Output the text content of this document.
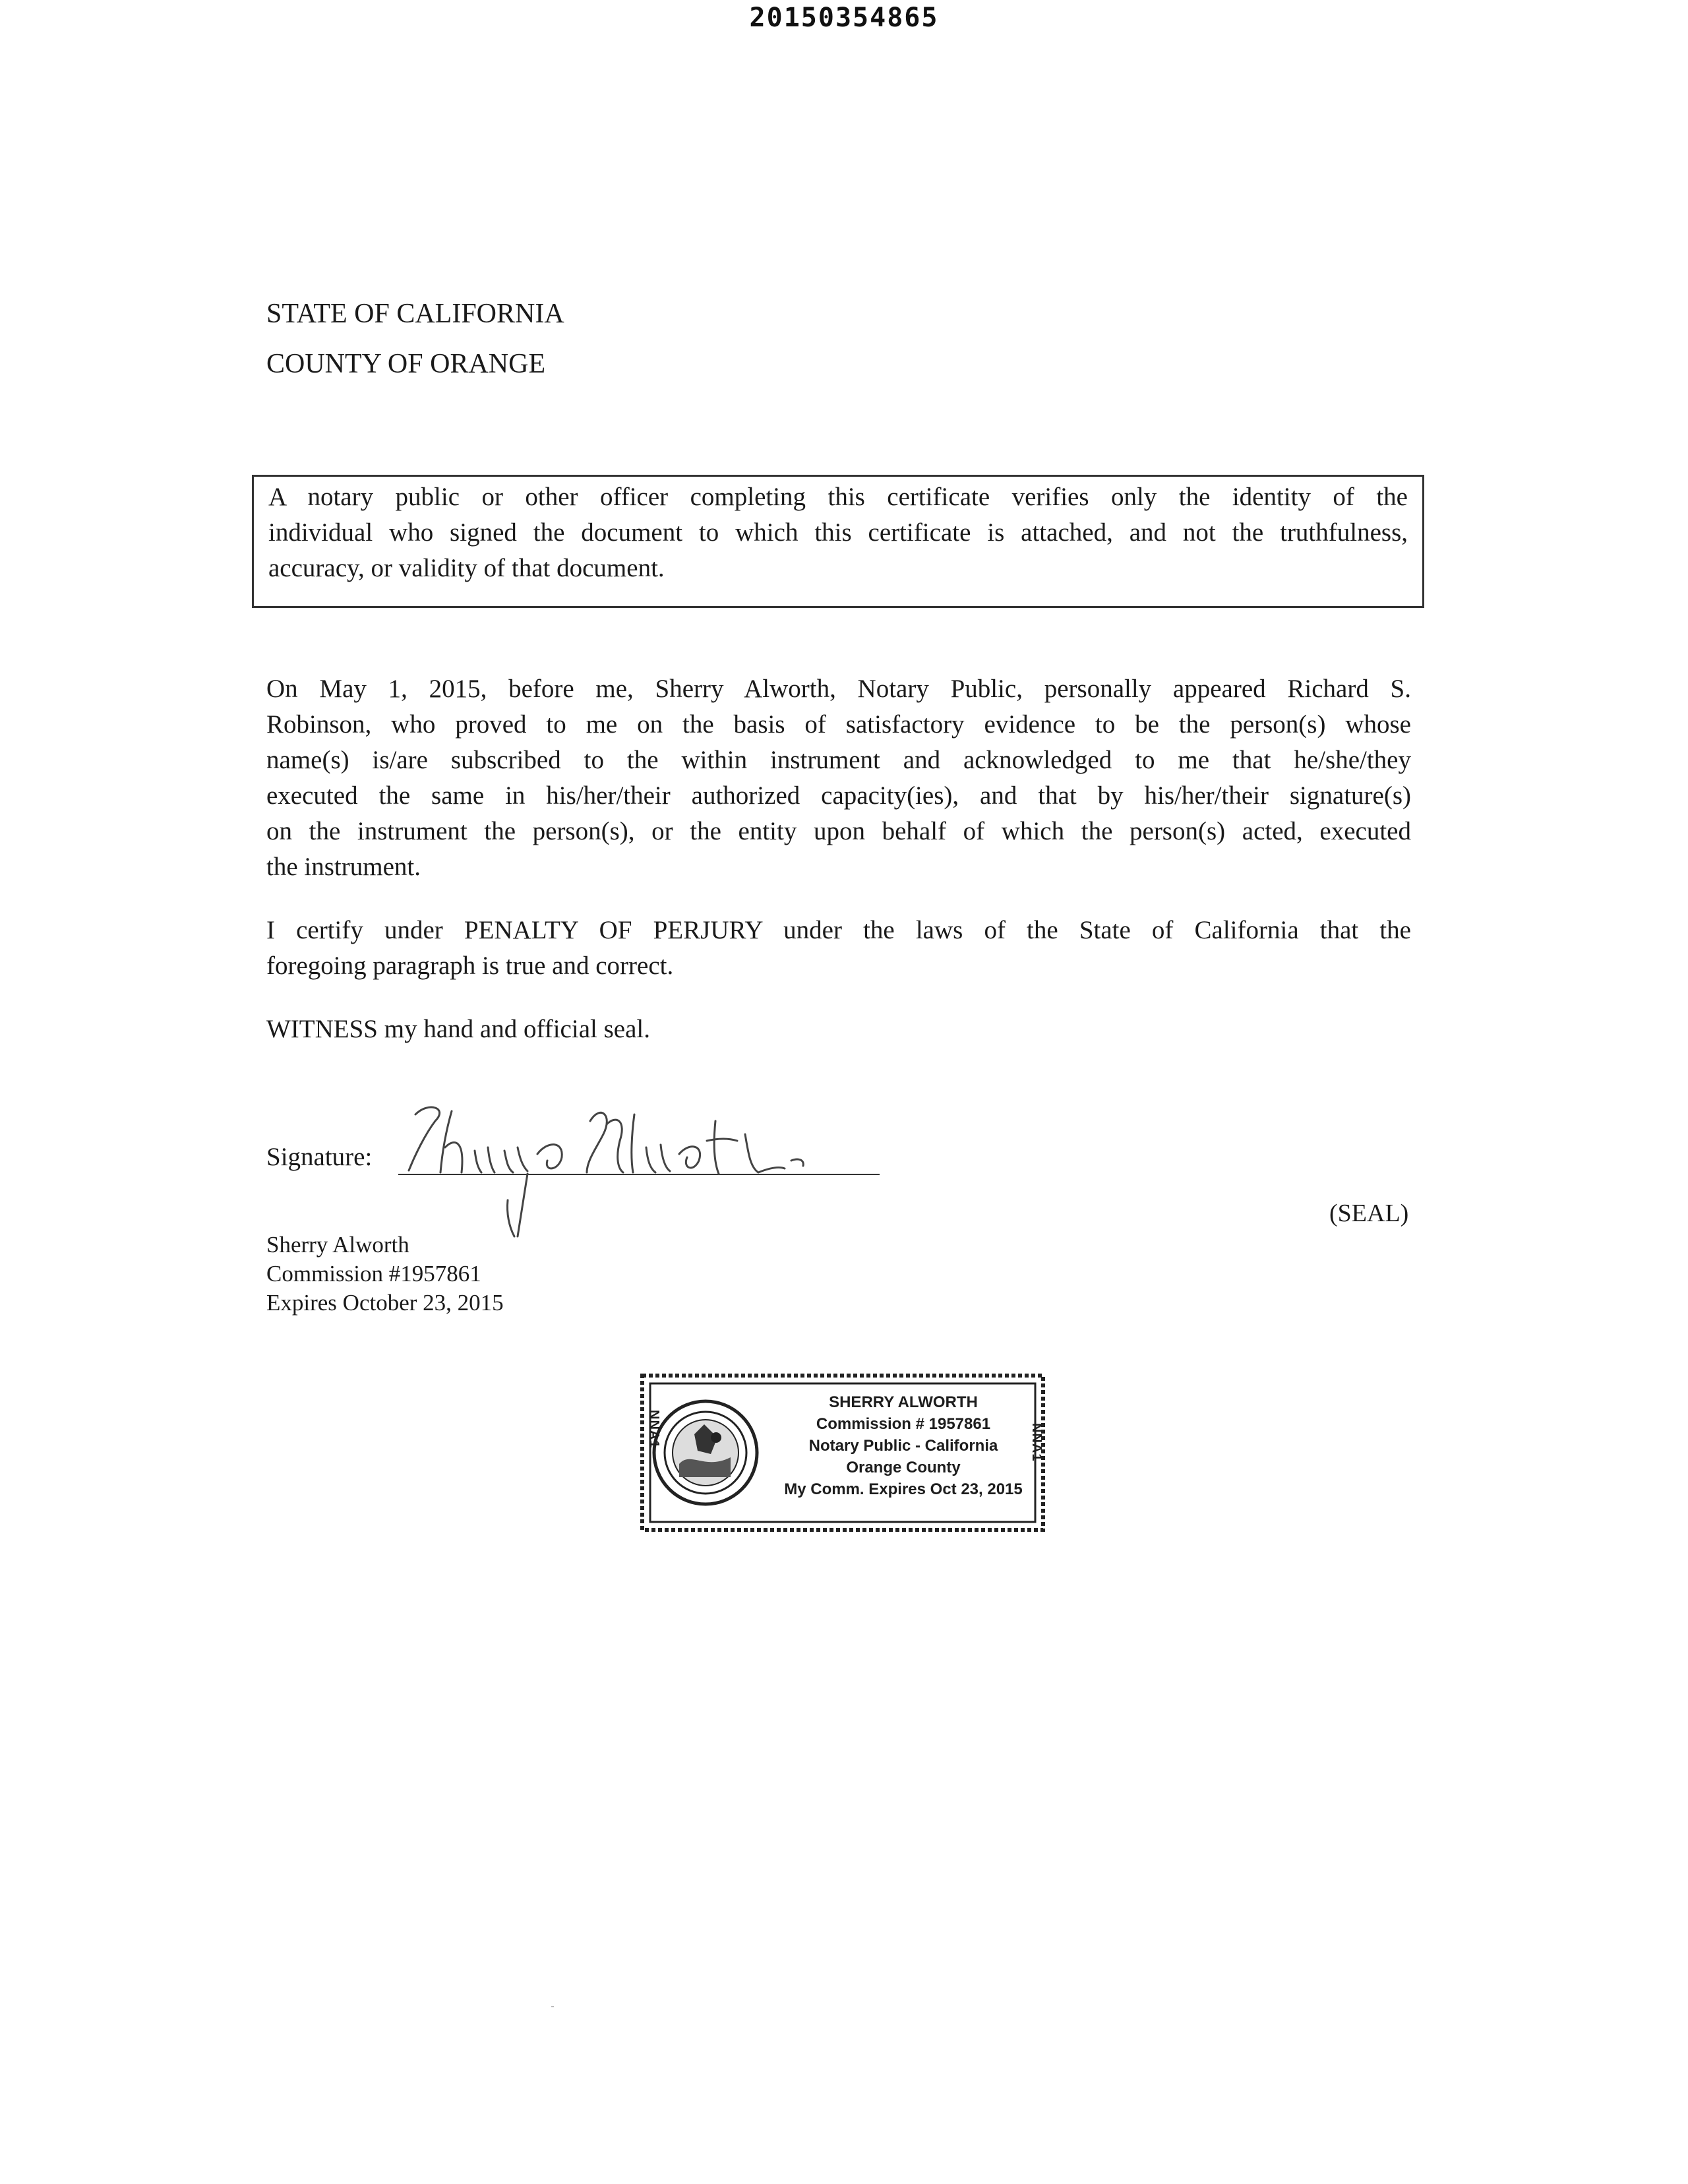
20150354865
STATE OF CALIFORNIA
COUNTY OF ORANGE
A notary public or other officer completing this certificate verifies only the identity of the
individual who signed the document to which this certificate is attached, and not the truthfulness,
accuracy, or validity of that document.
On May 1, 2015, before me, Sherry Alworth, Notary Public, personally appeared Richard S.
Robinson, who proved to me on the basis of satisfactory evidence to be the person(s) whose
name(s) is/are subscribed to the within instrument and acknowledged to me that he/she/they
executed the same in his/her/their authorized capacity(ies), and that by his/her/their signature(s)
on the instrument the person(s), or the entity upon behalf of which the person(s) acted, executed
the instrument.
I certify under PENALTY OF PERJURY under the laws of the State of California that the
foregoing paragraph is true and correct.
WITNESS my hand and official seal.
Signature:
(SEAL)
Sherry Alworth
Commission #1957861
Expires October 23, 2015
NNA1	NNA1
SHERRY ALWORTH
Commission # 1957861
Notary Public - California
Orange County
My Comm. Expires Oct 23, 2015
